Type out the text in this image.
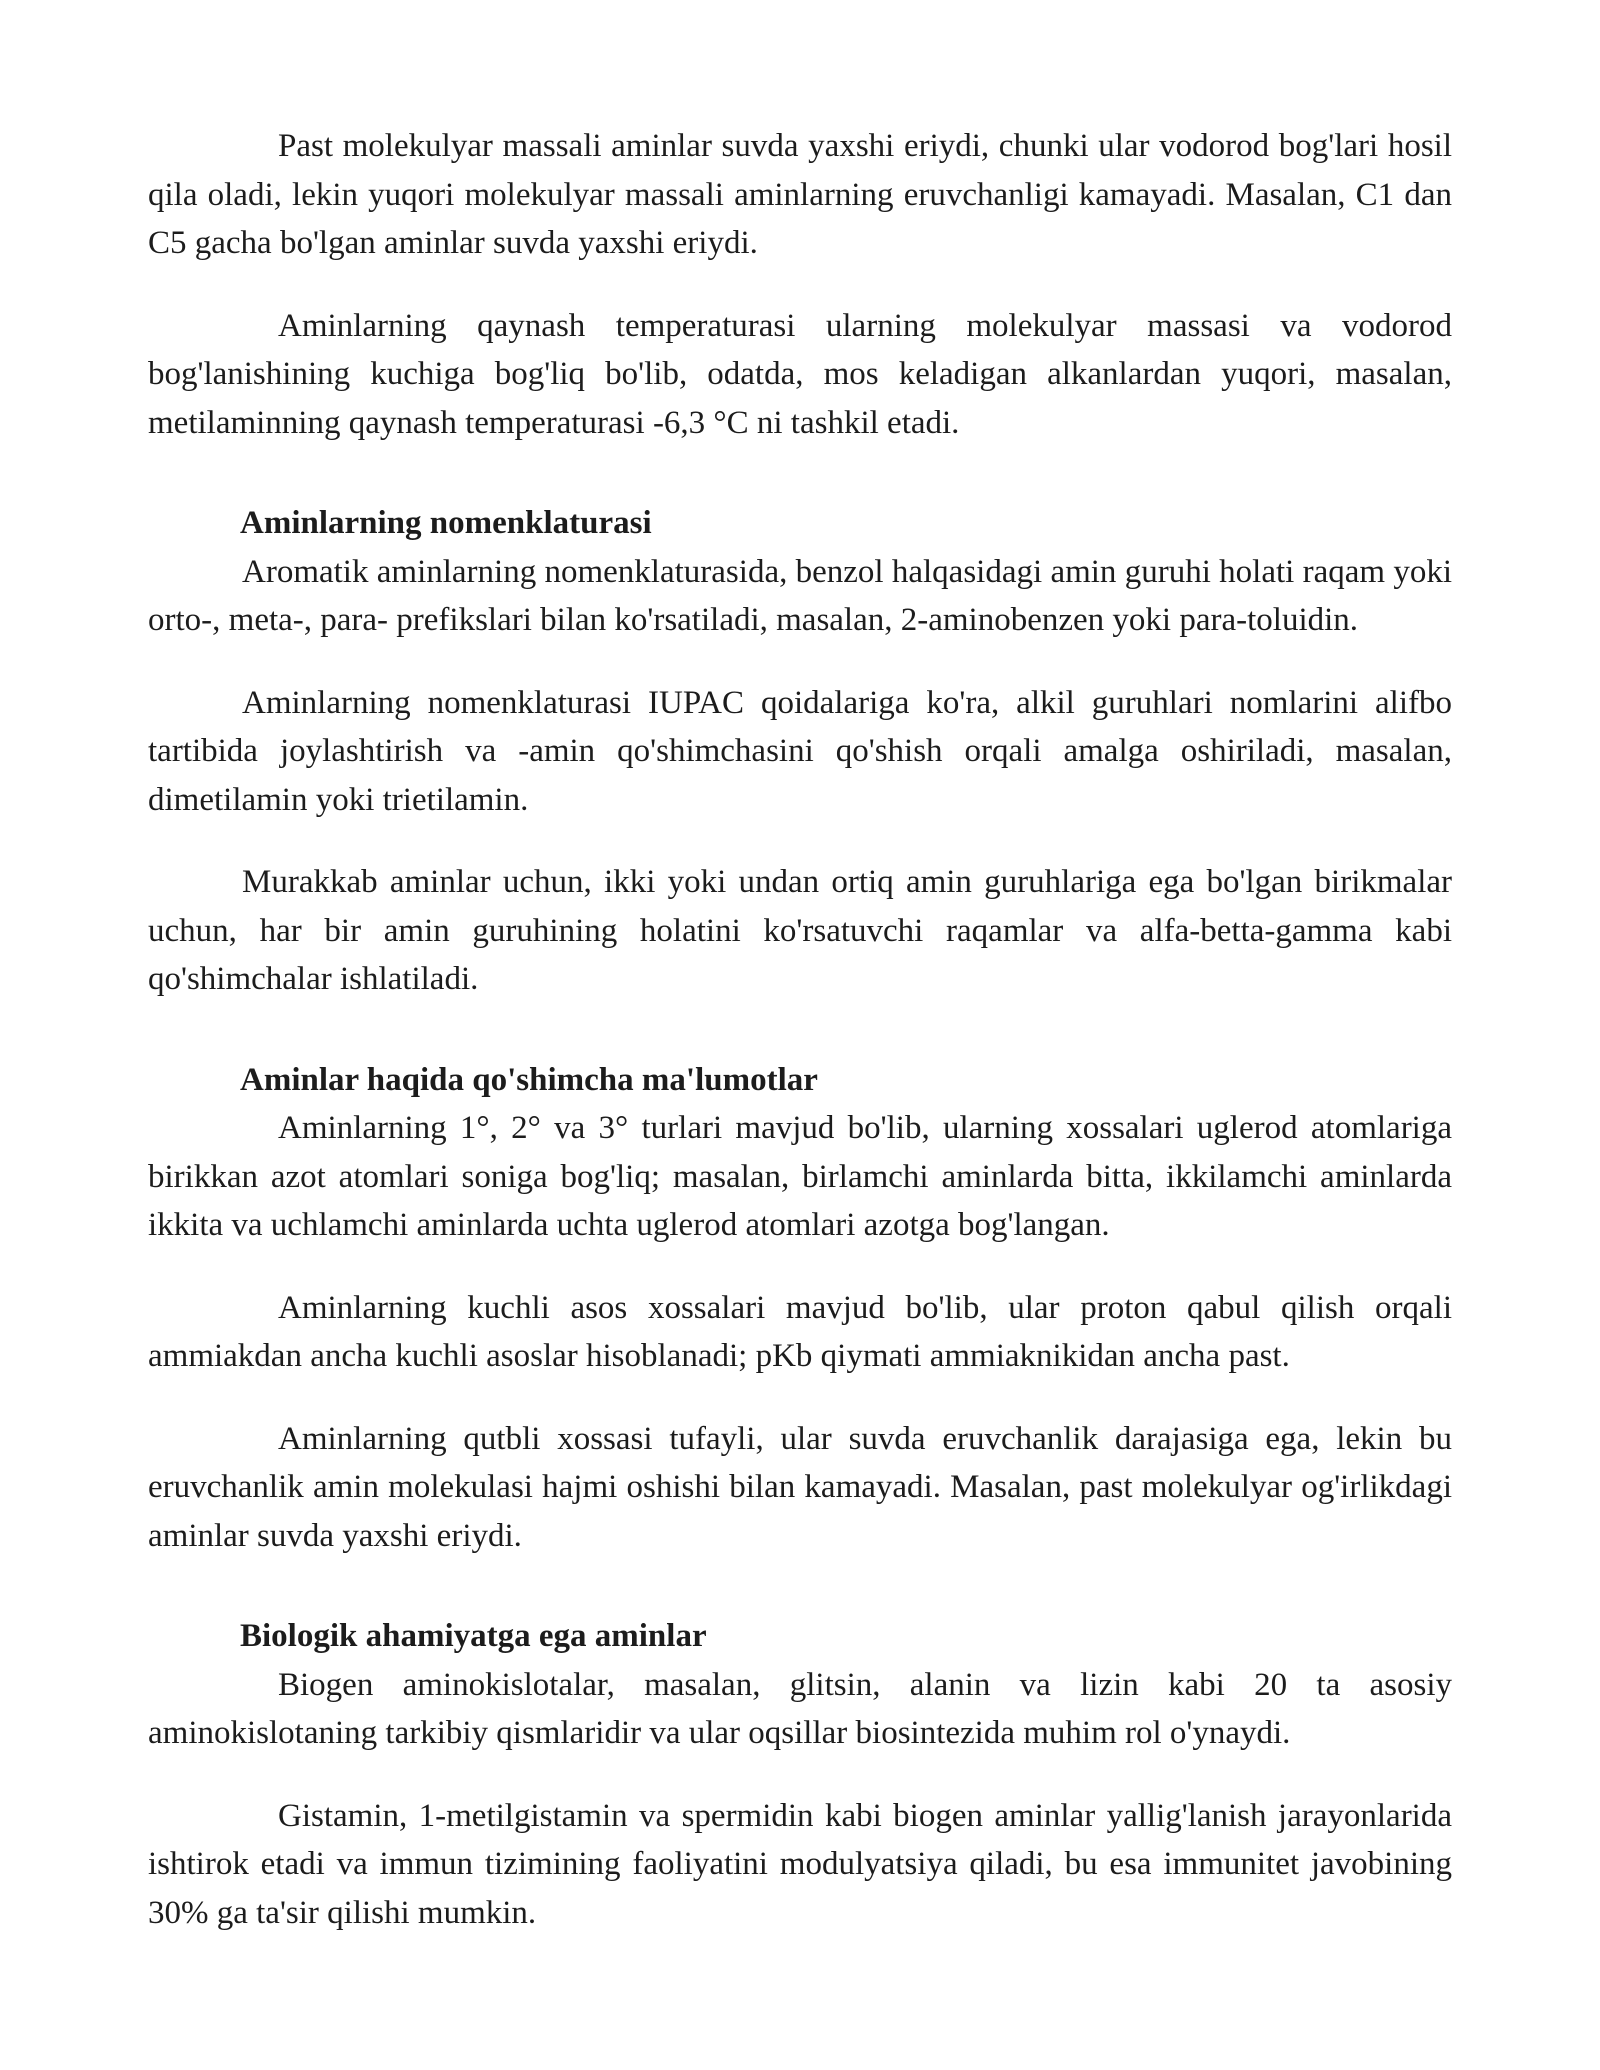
Past molekulyar massali aminlar suvda yaxshi eriydi, chunki ular vodorod bog'lari hosil qila oladi, lekin yuqori molekulyar massali aminlarning eruvchanligi kamayadi. Masalan, C1 dan C5 gacha bo'lgan aminlar suvda yaxshi eriydi.

Aminlarning qaynash temperaturasi ularning molekulyar massasi va vodorod bog'lanishining kuchiga bog'liq bo'lib, odatda, mos keladigan alkanlardan yuqori, masalan, metilaminning qaynash temperaturasi -6,3 °C ni tashkil etadi.

Aminlarning nomenklaturasi

Aromatik aminlarning nomenklaturasida, benzol halqasidagi amin guruhi holati raqam yoki orto-, meta-, para- prefikslari bilan ko'rsatiladi, masalan, 2-aminobenzen yoki para-toluidin.

Aminlarning nomenklaturasi IUPAC qoidalariga ko'ra, alkil guruhlari nomlarini alifbo tartibida joylashtirish va -amin qo'shimchasini qo'shish orqali amalga oshiriladi, masalan, dimetilamin yoki trietilamin.

Murakkab aminlar uchun, ikki yoki undan ortiq amin guruhlariga ega bo'lgan birikmalar uchun, har bir amin guruhining holatini ko'rsatuvchi raqamlar va alfa-betta-gamma kabi qo'shimchalar ishlatiladi.

Aminlar haqida qo'shimcha ma'lumotlar

Aminlarning 1°, 2° va 3° turlari mavjud bo'lib, ularning xossalari uglerod atomlariga birikkan azot atomlari soniga bog'liq; masalan, birlamchi aminlarda bitta, ikkilamchi aminlarda ikkita va uchlamchi aminlarda uchta uglerod atomlari azotga bog'langan.

Aminlarning kuchli asos xossalari mavjud bo'lib, ular proton qabul qilish orqali ammiakdan ancha kuchli asoslar hisoblanadi; pKb qiymati ammiaknikidan ancha past.

Aminlarning qutbli xossasi tufayli, ular suvda eruvchanlik darajasiga ega, lekin bu eruvchanlik amin molekulasi hajmi oshishi bilan kamayadi. Masalan, past molekulyar og'irlikdagi aminlar suvda yaxshi eriydi.

Biologik ahamiyatga ega aminlar

Biogen aminokislotalar, masalan, glitsin, alanin va lizin kabi 20 ta asosiy aminokislotaning tarkibiy qismlaridir va ular oqsillar biosintezida muhim rol o'ynaydi.

Gistamin, 1-metilgistamin va spermidin kabi biogen aminlar yallig'lanish jarayonlarida ishtirok etadi va immun tizimining faoliyatini modulyatsiya qiladi, bu esa immunitet javobining 30% ga ta'sir qilishi mumkin.
